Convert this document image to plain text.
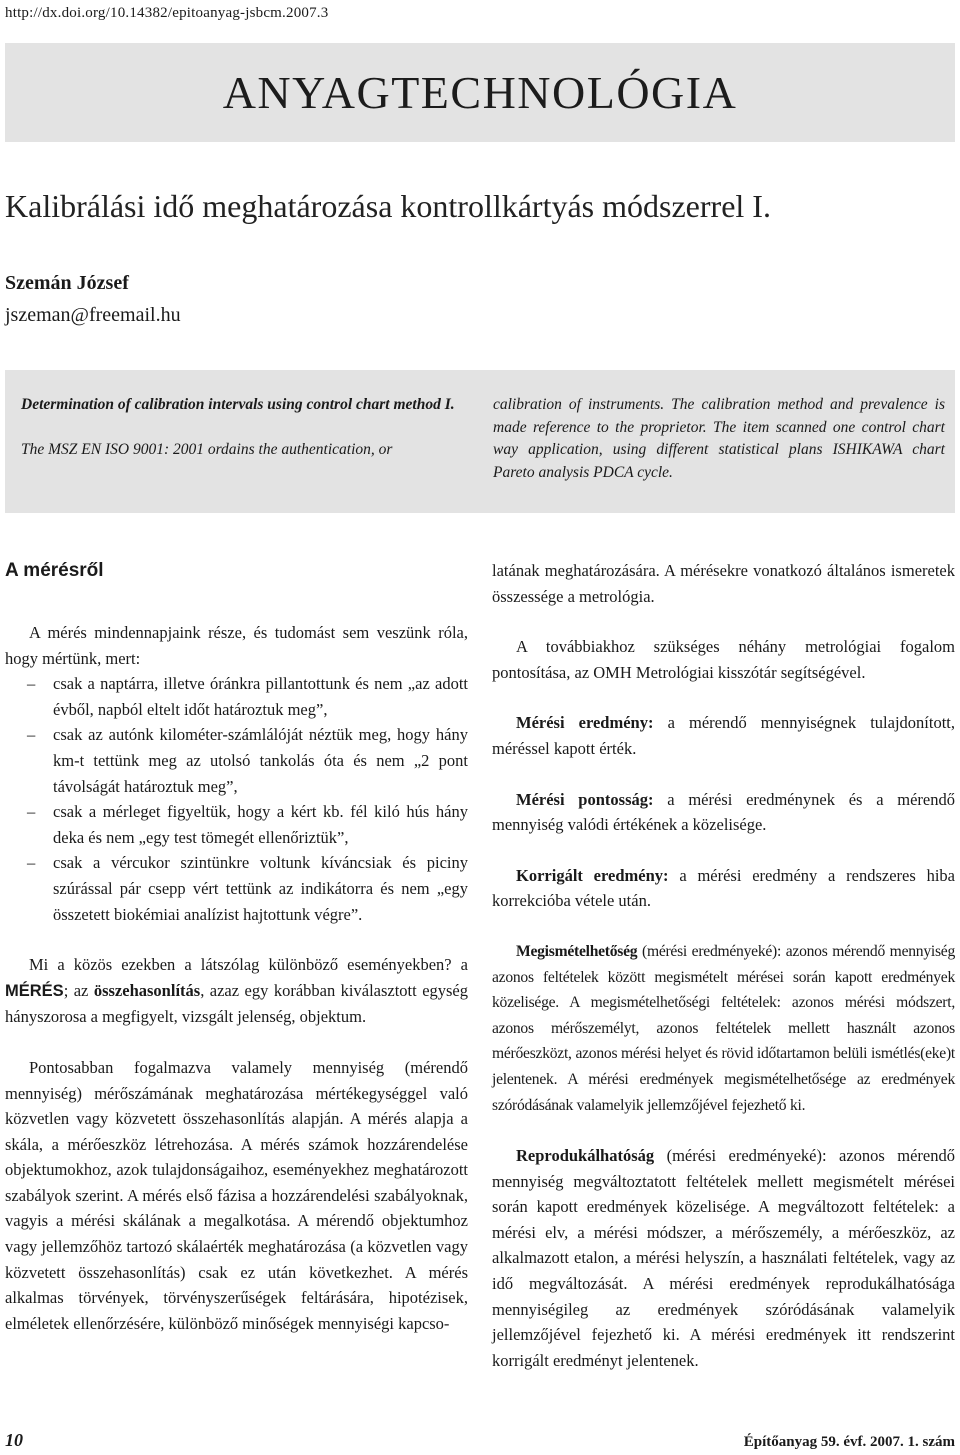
http://dx.doi.org/10.14382/epitoanyag-jsbcm.2007.3
ANYAGTECHNOLÓGIA
Kalibrálási idő meghatározása kontrollkártyás módszerrel I.
Szemán József
jszeman@freemail.hu

Determination of calibration intervals using control chart method I.

The MSZ EN ISO 9001: 2001 ordains the authentication, or

calibration of instruments. The calibration method and prevalence is made reference to the proprietor. The item scanned one control chart way application, using different statistical plans ISHIKAWA chart Pareto analysis PDCA cycle.

A mérésről

A mérés mindennapjaink része, és tudomást sem veszünk róla, hogy mértünk, mert:

– csak a naptárra, illetve óránkra pillantottunk és nem „az adott évből, napból eltelt időt határoztuk meg”,
– csak az autónk kilométer-számlálóját néztük meg, hogy hány km-t tettünk meg az utolsó tankolás óta és nem „2 pont távolságát határoztuk meg”,
– csak a mérleget figyeltük, hogy a kért kb. fél kiló hús hány deka és nem „egy test tömegét ellenőriztük”,
– csak a vércukor szintünkre voltunk kíváncsiak és piciny szúrással pár csepp vért tettünk az indikátorra és nem „egy összetett biokémiai analízist hajtottunk végre”.

Mi a közös ezekben a látszólag különböző eseményekben? a MÉRÉS; az összehasonlítás, azaz egy korábban kiválasztott egység hányszorosa a megfigyelt, vizsgált jelenség, objektum.

Pontosabban fogalmazva valamely mennyiség (mérendő mennyiség) mérőszámának meghatározása mértékegységgel való közvetlen vagy közvetett összehasonlítás alapján. A mérés alapja a skála, a mérőeszköz létrehozása. A mérés számok hozzárendelése objektumokhoz, azok tulajdonságaihoz, eseményekhez meghatározott szabályok szerint. A mérés első fázisa a hozzárendelési szabályoknak, vagyis a mérési skálának a megalkotása. A mérendő objektumhoz vagy jellemzőhöz tartozó skálaérték meghatározása (a közvetlen vagy közvetett összehasonlítás) csak ez után következhet. A mérés alkalmas törvények, törvényszerűségek feltárására, hipotézisek, elméletek ellenőrzésére, különböző minőségek mennyiségi kapcso-

latának meghatározására. A mérésekre vonatkozó általános ismeretek összessége a metrológia.

A továbbiakhoz szükséges néhány metrológiai fogalom pontosítása, az OMH Metrológiai kisszótár segítségével.

Mérési eredmény: a mérendő mennyiségnek tulajdonított, méréssel kapott érték.

Mérési pontosság: a mérési eredménynek és a mérendő mennyiség valódi értékének a közelisége.

Korrigált eredmény: a mérési eredmény a rendszeres hiba korrekcióba vétele után.

Megismételhetőség (mérési eredményeké): azonos mérendő mennyiség azonos feltételek között megismételt mérései során kapott eredmények közelisége. A megismételhetőségi feltételek: azonos mérési módszert, azonos mérőszemélyt, azonos feltételek mellett használt azonos mérőeszközt, azonos mérési helyet és rövid időtartamon belüli ismétlés(eke)t jelentenek. A mérési eredmények megismételhetősége az eredmények szóródásának valamelyik jellemzőjével fejezhető ki.

Reprodukálhatóság (mérési eredményeké): azonos mérendő mennyiség megváltoztatott feltételek mellett megismételt mérései során kapott eredmények közelisége. A megváltozott feltételek: a mérési elv, a mérési módszer, a mérőszemély, a mérőeszköz, az alkalmazott etalon, a mérési helyszín, a használati feltételek, vagy az idő megváltozását. A mérési eredmények reprodukálhatósága mennyiségileg az eredmények szóródásának valamelyik jellemzőjével fejezhető ki. A mérési eredmények itt rendszerint korrigált eredményt jelentenek.

10	Építőanyag 59. évf. 2007. 1. szám
